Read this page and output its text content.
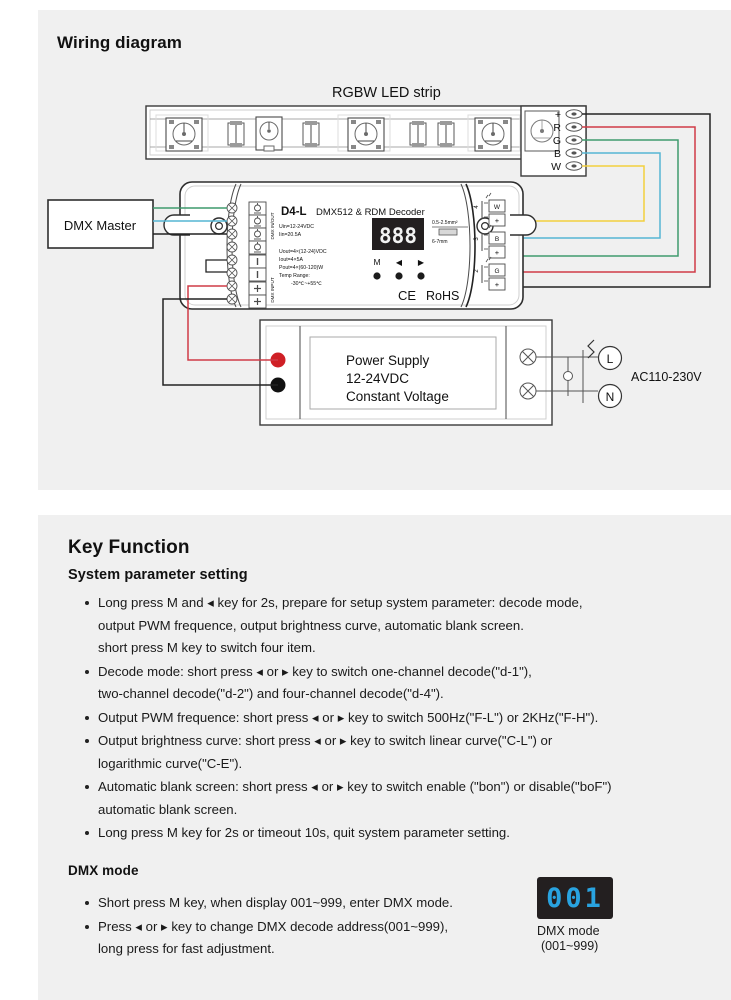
Wiring diagram
RGBW LED strip
+
R
G
B
W
D4-L DMX512 & RDM Decoder
Uin=12-24VDC
Iin=20.5A
Uout=4×(12-24)VDC
Iout=4×5A
Pout=4×(60-120)W
Temp Range:
-30℃~+55℃
888
M ◀ ▶
0.5-2.5mm²
6-7mm
CE RoHS
DMX IN/OUT
DMX INPUT
W
+
4
B
+
3
G
+
2
DMX Master
Power Supply
12-24VDC
Constant Voltage
L
N
AC110-230V
Key Function
System parameter setting
Long press M and ◂ key for 2s, prepare for setup system parameter: decode mode,
output PWM frequence, output brightness curve, automatic blank screen.
short press M key to switch four item.
Decode mode: short press ◂ or ▸ key to switch one-channel decode("d-1"),
two-channel decode("d-2") and four-channel decode("d-4").
Output PWM frequence: short press ◂ or ▸ key to switch 500Hz("F-L") or 2KHz("F-H").
Output brightness curve: short press ◂ or ▸ key to switch linear curve("C-L") or
logarithmic curve("C-E").
Automatic blank screen: short press ◂ or ▸ key to switch enable ("bon") or disable("boF")
automatic blank screen.
Long press M key for 2s or timeout 10s, quit system parameter setting.
DMX mode
Short press M key, when display 001~999, enter DMX mode.
Press ◂ or ▸ key to change DMX decode address(001~999),
long press for fast adjustment.
001
DMX mode
(001~999)
